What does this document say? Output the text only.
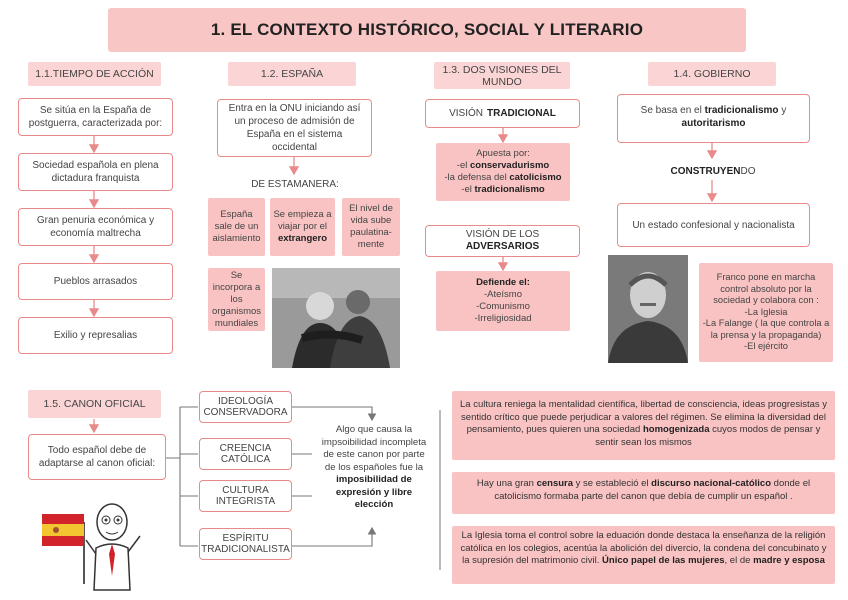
1. EL CONTEXTO HISTÓRICO, SOCIAL Y LITERARIO
1.1.TIEMPO DE ACCIÓN
Se sitúa en la España de postguerra, caracterizada por:
Sociedad española en plena dictadura franquista
Gran penuria económica y economía maltrecha
Pueblos arrasados
Exilio y represalias
1.2. ESPAÑA
Entra en la ONU iniciando así un proceso de admisión de España en el sistema occidental
DE ESTAMANERA:
España sale de un aislamiento
Se empieza a viajar por el
extrangero
El nivel de vida sube paulatina-mente
Se incorpora a los organismos mundiales
1.3. DOS VISIONES DEL MUNDO
VISIÓN TRADICIONAL
Apuesta por:
-el conservadurismo
-la defensa del catolicismo
-el tradicionalismo
VISIÓN DE LOS
ADVERSARIOS
Defiende el:
-Ateísmo
-Comunismo
-Irreligiosidad
1.4. GOBIERNO
Se basa en el tradicionalismo y autoritarismo
CONSTRUYENDO
Un estado confesional y nacionalista
Franco pone en marcha control absoluto por la sociedad y colabora con :
-La Iglesia
-La Falange ( la que controla a la prensa y la propaganda)
-El ejército
1.5. CANON OFICIAL
Todo español debe de adaptarse al canon oficial:
IDEOLOGÍA CONSERVADORA
CREENCIA CATÓLICA
CULTURA INTEGRISTA
ESPÍRITU TRADICIONALISTA
Algo que causa la impsoibilidad incompleta de este canon por parte de los españoles fue la imposibilidad de expresión y libre elección
La cultura reniega la mentalidad científica, libertad de consciencia, ideas progresistas y sentido crítico que puede perjudicar a valores del régimen. Se elimina la diversidad del pensamiento, pues quieren una sociedad homogenizada cuyos modos de pensar y sentir sean los mismos
Hay una gran censura y se estableció el discurso nacional-católico donde el catolicismo formaba parte del canon que debía de cumplir un español .
La Iglesia toma el control sobre la eduación donde destaca la enseñanza de la religión católica en los colegios, acentúa la abolición del divercio, la condena del concubinato y la supresión del matrimonio civil. Único papel de las mujeres, el de madre y esposa
